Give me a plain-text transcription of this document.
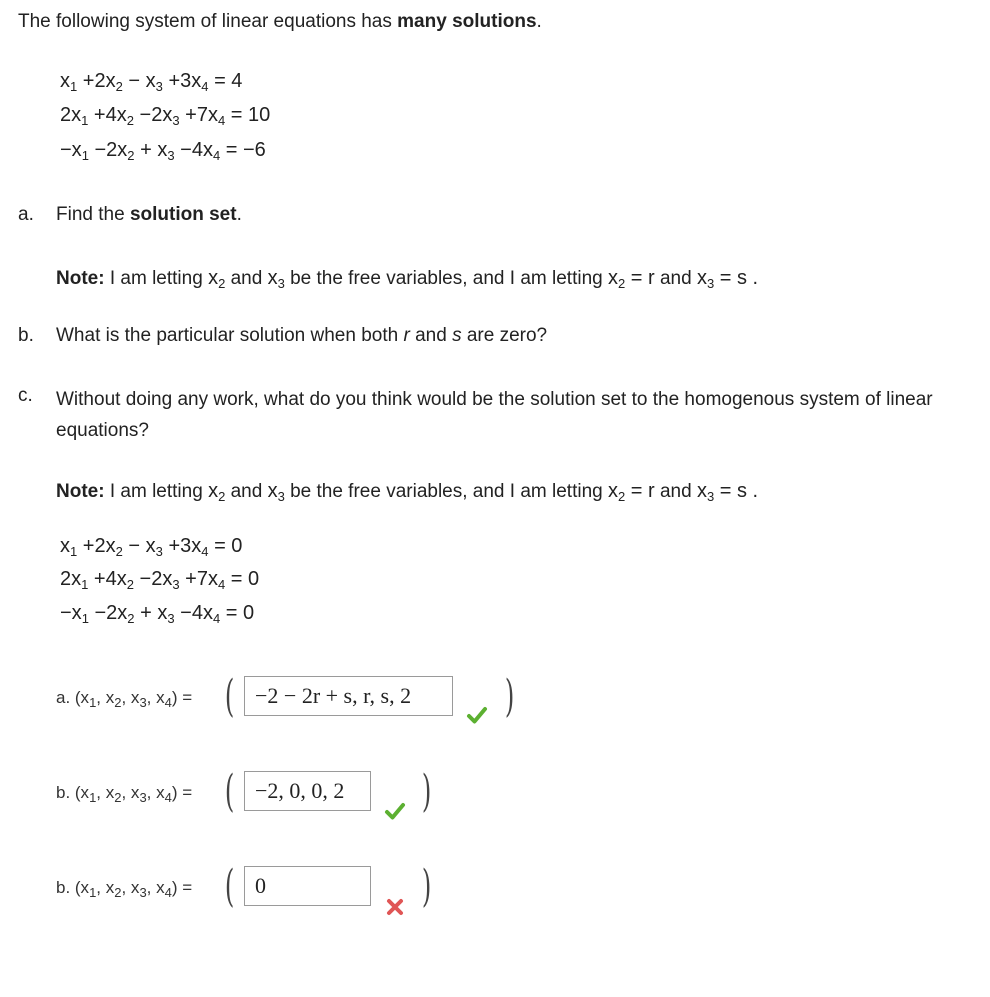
The following system of linear equations has many solutions.
$x_1 +2x_2 - x_3 +3x_4 = 4$
$2x_1 +4x_2 -2x_3 +7x_4 = 10$
$-x_1 -2x_2 + x_3 -4x_4 = -6$
a. Find the solution set.
Note: I am letting $x_2$ and $x_3$ be the free variables, and I am letting $x_2 = r$ and $x_3 = s$ .
b. What is the particular solution when both r and s are zero?
c. Without doing any work, what do you think would be the solution set to the homogenous system of linear equations?
Note: I am letting $x_2$ and $x_3$ be the free variables, and I am letting $x_2 = r$ and $x_3 = s$ .
$x_1 +2x_2 - x_3 +3x_4 = 0$
$2x_1 +4x_2 -2x_3 +7x_4 = 0$
$-x_1 -2x_2 + x_3 -4x_4 = 0$
a. ($x_1$, $x_2$, $x_3$, $x_4$) = ( −2 − 2r + s, r, s, 2	)
b. ($x_1$, $x_2$, $x_3$, $x_4$) = ( −2, 0, 0, 2	)
b. ($x_1$, $x_2$, $x_3$, $x_4$) = ( 0	)
